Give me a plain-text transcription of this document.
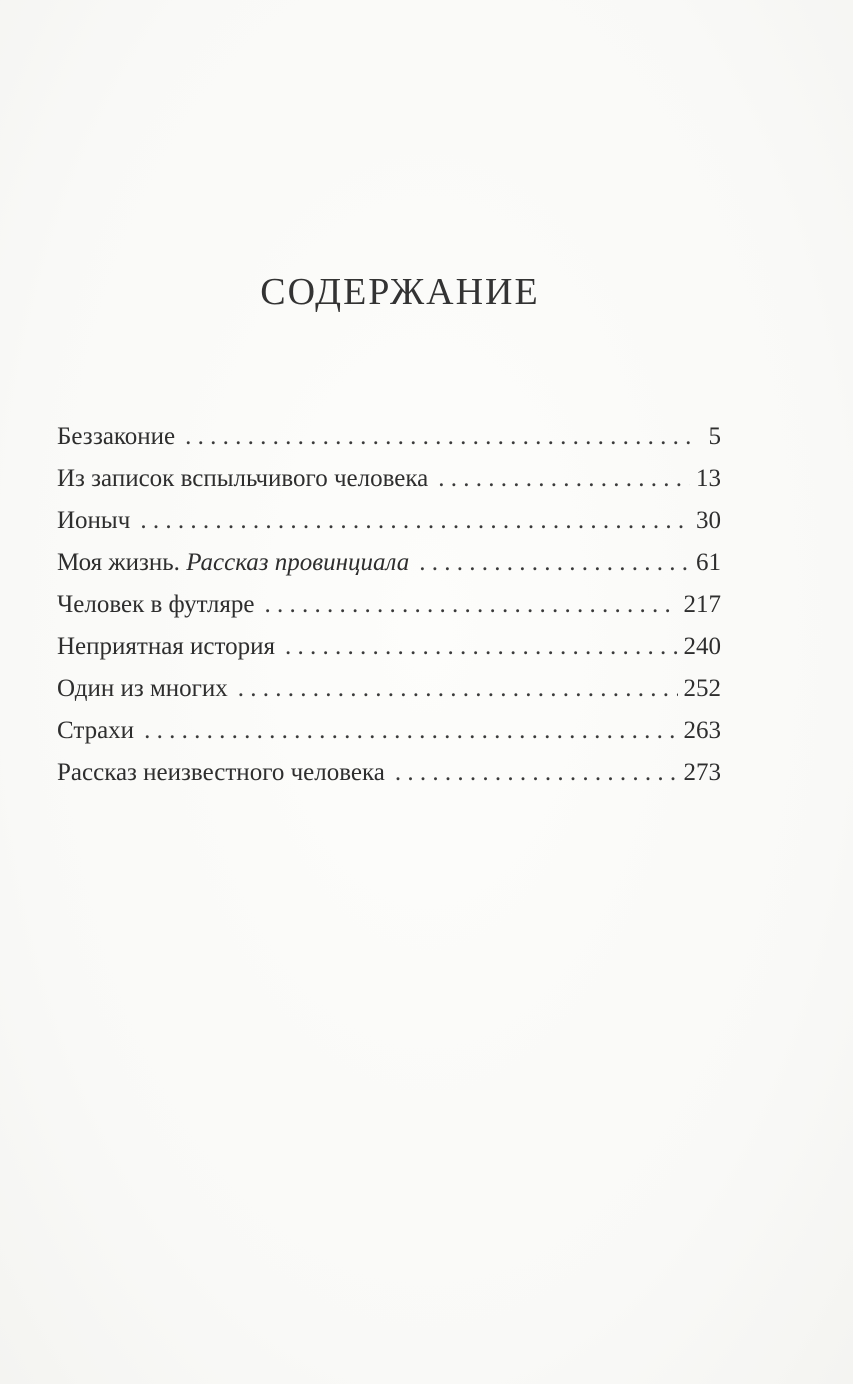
СОДЕРЖАНИЕ
Беззаконие . . .	5
Из записок вспыльчивого человека . . .	13
Ионыч . . .	30
Моя жизнь. Рассказ провинциала . . .	61
Человек в футляре . . .	217
Неприятная история . . .	240
Один из многих . . .	252
Страхи . . .	263
Рассказ неизвестного человека . . .	273
